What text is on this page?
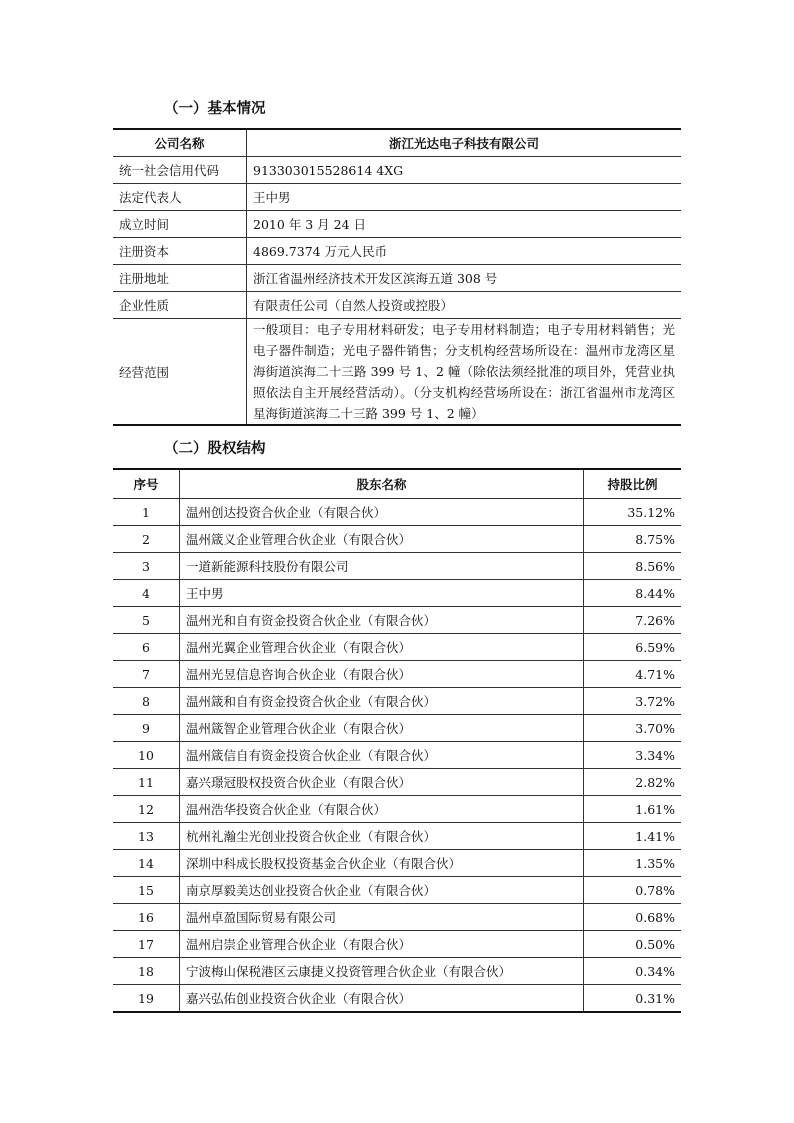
（一）基本情况
公司名称	浙江光达电子科技有限公司
统一社会信用代码	913303015528614 4XG
法定代表人	王中男
成立时间	2010 年 3 月 24 日
注册资本	4869.7374 万元人民币
注册地址	浙江省温州经济技术开发区滨海五道 308 号
企业性质	有限责任公司（自然人投资或控股）
经营范围	一般项目：电子专用材料研发；电子专用材料制造；电子专用材料销售；光电子器件制造；光电子器件销售；分支机构经营场所设在：温州市龙湾区星海街道滨海二十三路 399 号 1、2 幢（除依法须经批准的项目外，凭营业执照依法自主开展经营活动）。（分支机构经营场所设在：浙江省温州市龙湾区星海街道滨海二十三路 399 号 1、2 幢）
（二）股权结构
序号	股东名称	持股比例
1	温州创达投资合伙企业（有限合伙）	35.12%
2	温州箴义企业管理合伙企业（有限合伙）	8.75%
3	一道新能源科技股份有限公司	8.56%
4	王中男	8.44%
5	温州光和自有资金投资合伙企业（有限合伙）	7.26%
6	温州光翼企业管理合伙企业（有限合伙）	6.59%
7	温州光昱信息咨询合伙企业（有限合伙）	4.71%
8	温州箴和自有资金投资合伙企业（有限合伙）	3.72%
9	温州箴智企业管理合伙企业（有限合伙）	3.70%
10	温州箴信自有资金投资合伙企业（有限合伙）	3.34%
11	嘉兴璟冠股权投资合伙企业（有限合伙）	2.82%
12	温州浩华投资合伙企业（有限合伙）	1.61%
13	杭州礼瀚尘光创业投资合伙企业（有限合伙）	1.41%
14	深圳中科成长股权投资基金合伙企业（有限合伙）	1.35%
15	南京厚毅美达创业投资合伙企业（有限合伙）	0.78%
16	温州卓盈国际贸易有限公司	0.68%
17	温州启崇企业管理合伙企业（有限合伙）	0.50%
18	宁波梅山保税港区云康捷义投资管理合伙企业（有限合伙）	0.34%
19	嘉兴弘佑创业投资合伙企业（有限合伙）	0.31%
